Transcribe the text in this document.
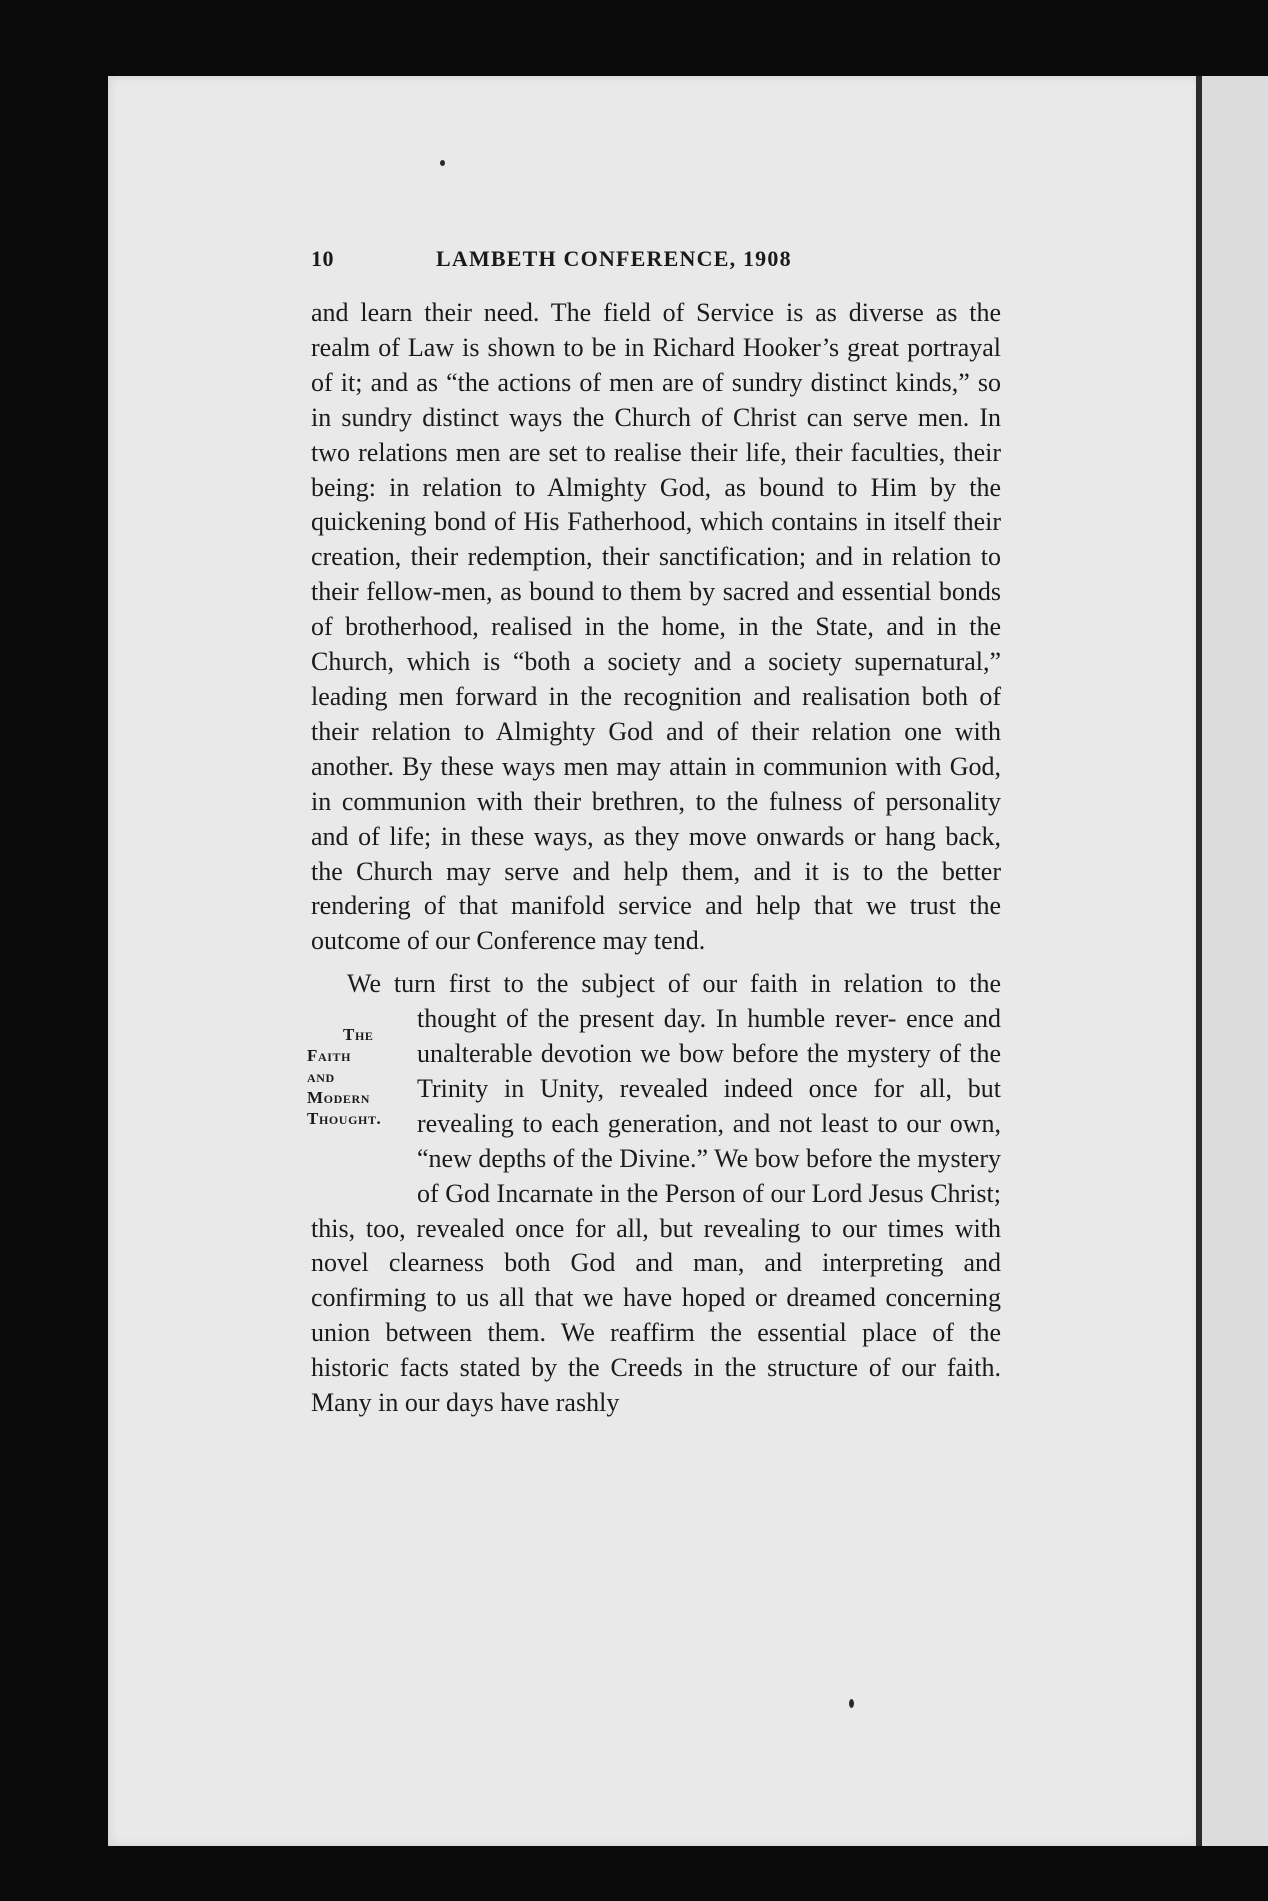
10	LAMBETH CONFERENCE, 1908

and learn their need. The field of Service is as diverse as the realm of Law is shown to be in Richard Hooker’s great portrayal of it; and as “the actions of men are of sundry distinct kinds,” so in sundry distinct ways the Church of Christ can serve men. In two relations men are set to realise their life, their faculties, their being: in relation to Almighty God, as bound to Him by the quickening bond of His Fatherhood, which contains in itself their creation, their redemption, their sanctification; and in relation to their fellow-men, as bound to them by sacred and essential bonds of brotherhood, realised in the home, in the State, and in the Church, which is “both a society and a society supernatural,” leading men forward in the recognition and realisation both of their relation to Almighty God and of their relation one with another. By these ways men may attain in communion with God, in communion with their brethren, to the fulness of personality and of life; in these ways, as they move onwards or hang back, the Church may serve and help them, and it is to the better rendering of that manifold service and help that we trust the outcome of our Conference may tend.

We turn first to the subject of our faith in relation to the thought of the present day. In humble rever-
The
Faith
and
Modern
Thought.
ence and unalterable devotion we bow before the mystery of the Trinity in Unity, revealed indeed once for all, but revealing to each generation, and not least to our own, “new depths of the Divine.” We bow before the mystery of God Incarnate in the Person of our Lord Jesus Christ; this, too, revealed once for all, but revealing to our times with novel clearness both God and man, and interpreting and confirming to us all that we have hoped or dreamed concerning union between them. We reaffirm the essential place of the historic facts stated by the Creeds in the structure of our faith. Many in our days have rashly
